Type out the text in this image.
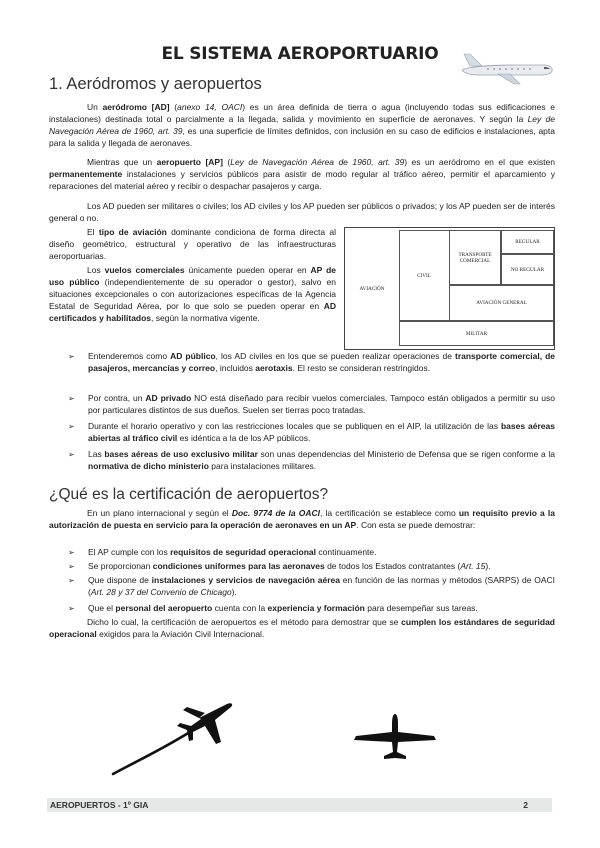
EL SISTEMA AEROPORTUARIO
1. Aeródromos y aeropuertos
Un aeródromo [AD] (anexo 14, OACI) es un área definida de tierra o agua (incluyendo todas sus edificaciones e instalaciones) destinada total o parcialmente a la llegada, salida y movimiento en superficie de aeronaves. Y según la Ley de Navegación Aérea de 1960, art. 39, es una superficie de límites definidos, con inclusión en su caso de edificios e instalaciones, apta para la salida y llegada de aeronaves.
Mientras que un aeropuerto [AP] (Ley de Navegación Aérea de 1960, art. 39) es un aeródromo en el que existen permanentemente instalaciones y servicios públicos para asistir de modo regular al tráfico aéreo, permitir el aparcamiento y reparaciones del material aéreo y recibir o despachar pasajeros y carga.
Los AD pueden ser militares o civiles; los AD civiles y los AP pueden ser públicos o privados; y los AP pueden ser de interés general o no.
El tipo de aviación dominante condiciona de forma directa al diseño geométrico, estructural y operativo de las infraestructuras aeroportuarias.
Los vuelos comerciales únicamente pueden operar en AP de uso público (independientemente de su operador o gestor), salvo en situaciones excepcionales o con autorizaciones específicas de la Agencia Estatal de Seguridad Aérea, por lo que solo se pueden operar en AD certificados y habilitados, según la normativa vigente.
AVIACIÓN
CIVIL
TRANSPORTE COMERCIAL
REGULAR
NO REGULAR
AVIACIÓN GENERAL
MILITAR
➢	Entenderemos como AD público, los AD civiles en los que se pueden realizar operaciones de transporte comercial, de pasajeros, mercancías y correo, incluidos aerotaxis. El resto se consideran restringidos.
➢	Por contra, un AD privado NO está diseñado para recibir vuelos comerciales. Tampoco están obligados a permitir su uso por particulares distintos de sus dueños. Suelen ser tierras poco tratadas.
➢	Durante el horario operativo y con las restricciones locales que se publiquen en el AIP, la utilización de las bases aéreas abiertas al tráfico civil es idéntica a la de los AP públicos.
➢	Las bases aéreas de uso exclusivo militar son unas dependencias del Ministerio de Defensa que se rigen conforme a la normativa de dicho ministerio para instalaciones militares.
¿Qué es la certificación de aeropuertos?
En un plano internacional y según el Doc. 9774 de la OACI, la certificación se establece como un requisito previo a la autorización de puesta en servicio para la operación de aeronaves en un AP. Con esta se puede demostrar:
➢	El AP cumple con los requisitos de seguridad operacional continuamente.
➢	Se proporcionan condiciones uniformes para las aeronaves de todos los Estados contratantes (Art. 15).
➢	Que dispone de instalaciones y servicios de navegación aérea en función de las normas y métodos (SARPS) de OACI (Art. 28 y 37 del Convenio de Chicago).
➢	Que el personal del aeropuerto cuenta con la experiencia y formación para desempeñar sus tareas.
Dicho lo cual, la certificación de aeropuertos es el método para demostrar que se cumplen los estándares de seguridad operacional exigidos para la Aviación Civil Internacional.
AEROPUERTOS - 1º GIA	2
